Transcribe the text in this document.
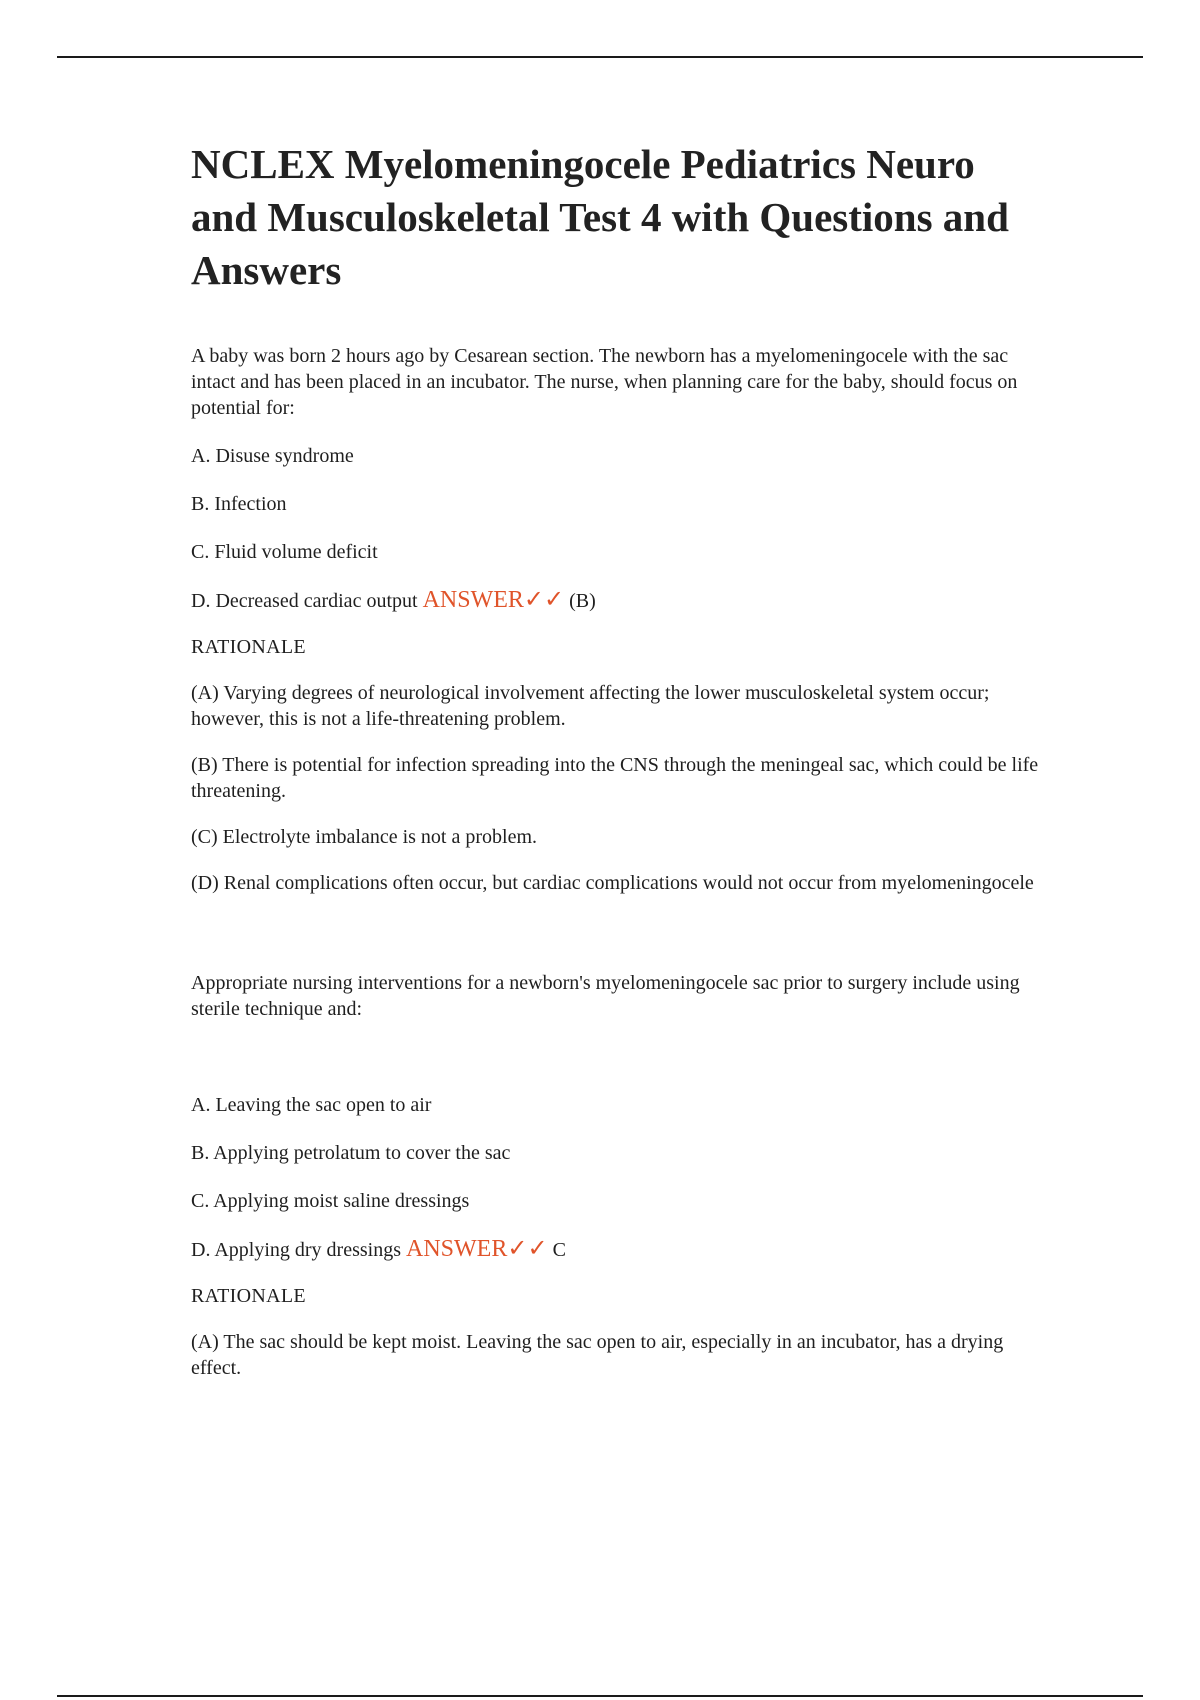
NCLEX Myelomeningocele Pediatrics Neuro and Musculoskeletal Test 4 with Questions and Answers

A baby was born 2 hours ago by Cesarean section. The newborn has a myelomeningocele with the sac intact and has been placed in an incubator. The nurse, when planning care for the baby, should focus on potential for:

A. Disuse syndrome

B. Infection

C. Fluid volume deficit

D. Decreased cardiac output ANSWER✓✓ (B)

RATIONALE

(A) Varying degrees of neurological involvement affecting the lower musculoskeletal system occur; however, this is not a life-threatening problem.

(B) There is potential for infection spreading into the CNS through the meningeal sac, which could be life threatening.

(C) Electrolyte imbalance is not a problem.

(D) Renal complications often occur, but cardiac complications would not occur from myelomeningocele

Appropriate nursing interventions for a newborn's myelomeningocele sac prior to surgery include using sterile technique and:

A. Leaving the sac open to air

B. Applying petrolatum to cover the sac

C. Applying moist saline dressings

D. Applying dry dressings ANSWER✓✓ C

RATIONALE

(A) The sac should be kept moist. Leaving the sac open to air, especially in an incubator, has a drying effect.
